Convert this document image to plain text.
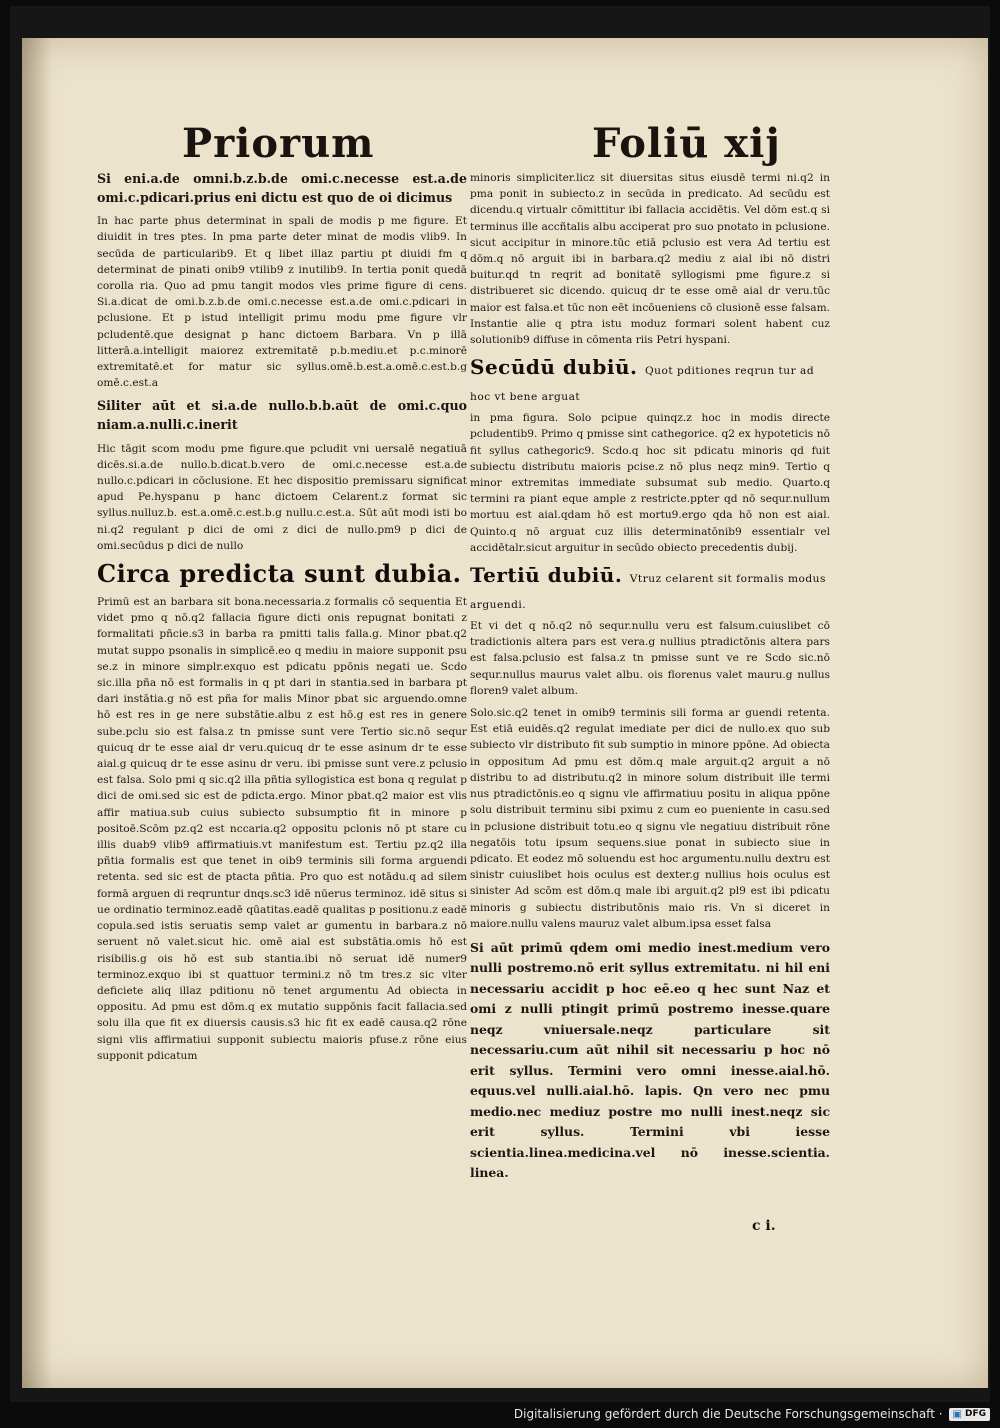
Priorum	Foliū xij

Si eni.a.de omni.b.z.b.de omi.c.necesse est.a.de omi.c.pdicari.prius eni dictu est quo de oi dicimus

In hac parte phus determinat in spali de modis p me figure. Et diuidit in tres ptes. In pma parte deter minat de modis vlib9. In secūda de particularib9. Et q libet illaz partiu pt diuidi fm q determinat de pinati onib9 vtilib9 z inutilib9. In tertia ponit quedā corolla ria. Quo ad pmu tangit modos vles prime figure di cens. Si.a.dicat de omi.b.z.b.de omi.c.necesse est.a.de omi.c.pdicari in pclusione. Et p istud intelligit primu modu pme figure vlr pcludentē.que designat p hanc dictoem Barbara. Vn p illā litterā.a.intelligit maiorez extremitatē p.b.mediu.et p.c.minorē extremitatē.et for matur sic syllus.omē.b.est.a.omē.c.est.b.g omē.c.est.a

Siliter aūt et si.a.de nullo.b.b.aūt de omi.c.quo niam.a.nulli.c.inerit

Hic tāgit scom modu pme figure.que pcludit vni uersalē negatiuā dicēs.si.a.de nullo.b.dicat.b.vero de omi.c.necesse est.a.de nullo.c.pdicari in cōclusione. Et hec dispositio premissaru significat apud Pe.hyspanu p hanc dictoem Celarent.z format sic syllus.nulluz.b. est.a.omē.c.est.b.g nullu.c.est.a. Sūt aūt modi isti bo ni.q2 regulant p dici de omi z dici de nullo.pm9 p dici de omi.secūdus p dici de nullo

Circa predicta sunt dubia.

Primū est an barbara sit bona.necessaria.z formalis cō sequentia Et videt pmo q nō.q2 fallacia figure dicti onis repugnat bonitati z formalitati pñcie.s3 in barba ra pmitti talis falla.g. Minor pbat.q2 mutat suppo psonalis in simplicē.eo q mediu in maiore supponit psu se.z in minore simplr.exquo est pdicatu ppōnis negati ue. Scdo sic.illa pña nō est formalis in q pt dari in stantia.sed in barbara pt dari instātia.g nō est pña for malis Minor pbat sic arguendo.omne hō est res in ge nere substātie.albu z est hō.g est res in genere sube.pclu sio est falsa.z tn pmisse sunt vere Tertio sic.nō sequr quicuq dr te esse aial dr veru.quicuq dr te esse asinum dr te esse aial.g quicuq dr te esse asinu dr veru. ibi pmisse sunt vere.z pclusio est falsa. Solo pmi q sic.q2 illa pñtia syllogistica est bona q regulat p dici de omi.sed sic est de pdicta.ergo. Minor pbat.q2 maior est vlis affir matiua.sub cuius subiecto subsumptio fit in minore p positoē.Scōm pz.q2 est nccaria.q2 oppositu pclonis nō pt stare cu illis duab9 vlib9 affirmatiuis.vt manifestum est. Tertiu pz.q2 illa pñtia formalis est que tenet in oib9 terminis sili forma arguendi retenta. sed sic est de ptacta pñtia. Pro quo est notādu.q ad silem formā arguen di reqruntur dnqs.sc3 idē nūerus terminoz. idē situs si ue ordinatio terminoz.eadē qūatitas.eadē qualitas p positionu.z eadē copula.sed istis seruatis semp valet ar gumentu in barbara.z nō seruent nō valet.sicut hic. omē aial est substātia.omis hō est risibilis.g ois hō est sub stantia.ibi nō seruat idē numer9 terminoz.exquo ibi st quattuor termini.z nō tm tres.z sic vlter deficiete aliq illaz pditionu nō tenet argumentu Ad obiecta in oppositu. Ad pmu est dōm.q ex mutatio suppōnis facit fallacia.sed solu illa que fit ex diuersis causis.s3 hic fit ex eadē causa.q2 rōne signi vlis affirmatiui supponit subiectu maioris pfuse.z rōne eius supponit pdicatum

minoris simpliciter.licz sit diuersitas situs eiusdē termi ni.q2 in pma ponit in subiecto.z in secūda in predicato. Ad secūdu est dicendu.q virtualr cōmittitur ibi fallacia accidētis. Vel dōm est.q si terminus ille accñtalis albu acciperat pro suo pnotato in pclusione. sicut accipitur in minore.tūc etiā pclusio est vera Ad tertiu est dōm.q nō arguit ibi in barbara.q2 mediu z aial ibi nō distri buitur.qd tn reqrit ad bonitatē syllogismi pme figure.z si distribueret sic dicendo. quicuq dr te esse omē aial dr veru.tūc maior est falsa.et tūc non eēt incōueniens cō clusionē esse falsam. Instantie alie q ptra istu moduz formari solent habent cuz solutionib9 diffuse in cōmenta riis Petri hyspani.

Secūdū dubiū. Quot pditiones reqrun tur ad hoc vt bene arguat

in pma figura. Solo pcipue quinqz.z hoc in modis directe pcludentib9. Primo q pmisse sint cathegorice. q2 ex hypoteticis nō fit syllus cathegoric9. Scdo.q hoc sit pdicatu minoris qd fuit subiectu distributu maioris pcise.z nō plus neqz min9. Tertio q minor extremitas immediate subsumat sub medio. Quarto.q termini ra piant eque ample z restricte.ppter qd nō sequr.nullum mortuu est aial.qdam hō est mortu9.ergo qda hō non est aial. Quinto.q nō arguat cuz illis determinatōnib9 essentialr vel accidētalr.sicut arguitur in secūdo obiecto precedentis dubij.

Tertiū dubiū. Vtruz celarent sit formalis modus arguendi.

Et vi det q nō.q2 nō sequr.nullu veru est falsum.cuiuslibet cō tradictionis altera pars est vera.g nullius ptradictōnis altera pars est falsa.pclusio est falsa.z tn pmisse sunt ve re Scdo sic.nō sequr.nullus maurus valet albu. ois florenus valet mauru.g nullus floren9 valet album.

Solo.sic.q2 tenet in omib9 terminis sili forma ar guendi retenta. Est etiā euidēs.q2 regulat imediate per dici de nullo.ex quo sub subiecto vlr distributo fit sub sumptio in minore ppōne. Ad obiecta in oppositum Ad pmu est dōm.q male arguit.q2 arguit a nō distribu to ad distributu.q2 in minore solum distribuit ille termi nus ptradictōnis.eo q signu vle affirmatiuu positu in aliqua ppōne solu distribuit terminu sibi pximu z cum eo pueniente in casu.sed in pclusione distribuit totu.eo q signu vle negatiuu distribuit rōne negatōis totu ipsum sequens.siue ponat in subiecto siue in pdicato. Et eodez mō soluendu est hoc argumentu.nullu dextru est sinistr cuiuslibet hois oculus est dexter.g nullius hois oculus est sinister Ad scōm est dōm.q male ibi arguit.q2 pl9 est ibi pdicatu minoris g subiectu distributōnis maio ris. Vn si diceret in maiore.nullu valens mauruz valet album.ipsa esset falsa

Si aūt primū qdem omi medio inest.medium vero nulli postremo.nō erit syllus extremitatu. ni hil eni necessariu accidit p hoc eē.eo q hec sunt Naz et omi z nulli ptingit primū postremo inesse.quare neqz vniuersale.neqz particulare sit necessariu.cum aūt nihil sit necessariu p hoc nō erit syllus. Termini vero omni inesse.aial.hō. equus.vel nulli.aial.hō. lapis. Qn vero nec pmu medio.nec mediuz postre mo nulli inest.neqz sic erit syllus. Termini vbi iesse scientia.linea.medicina.vel nō inesse.scientia. linea.

c i.

Digitalisierung gefördert durch die Deutsche Forschungsgemeinschaft · ▣ DFG
